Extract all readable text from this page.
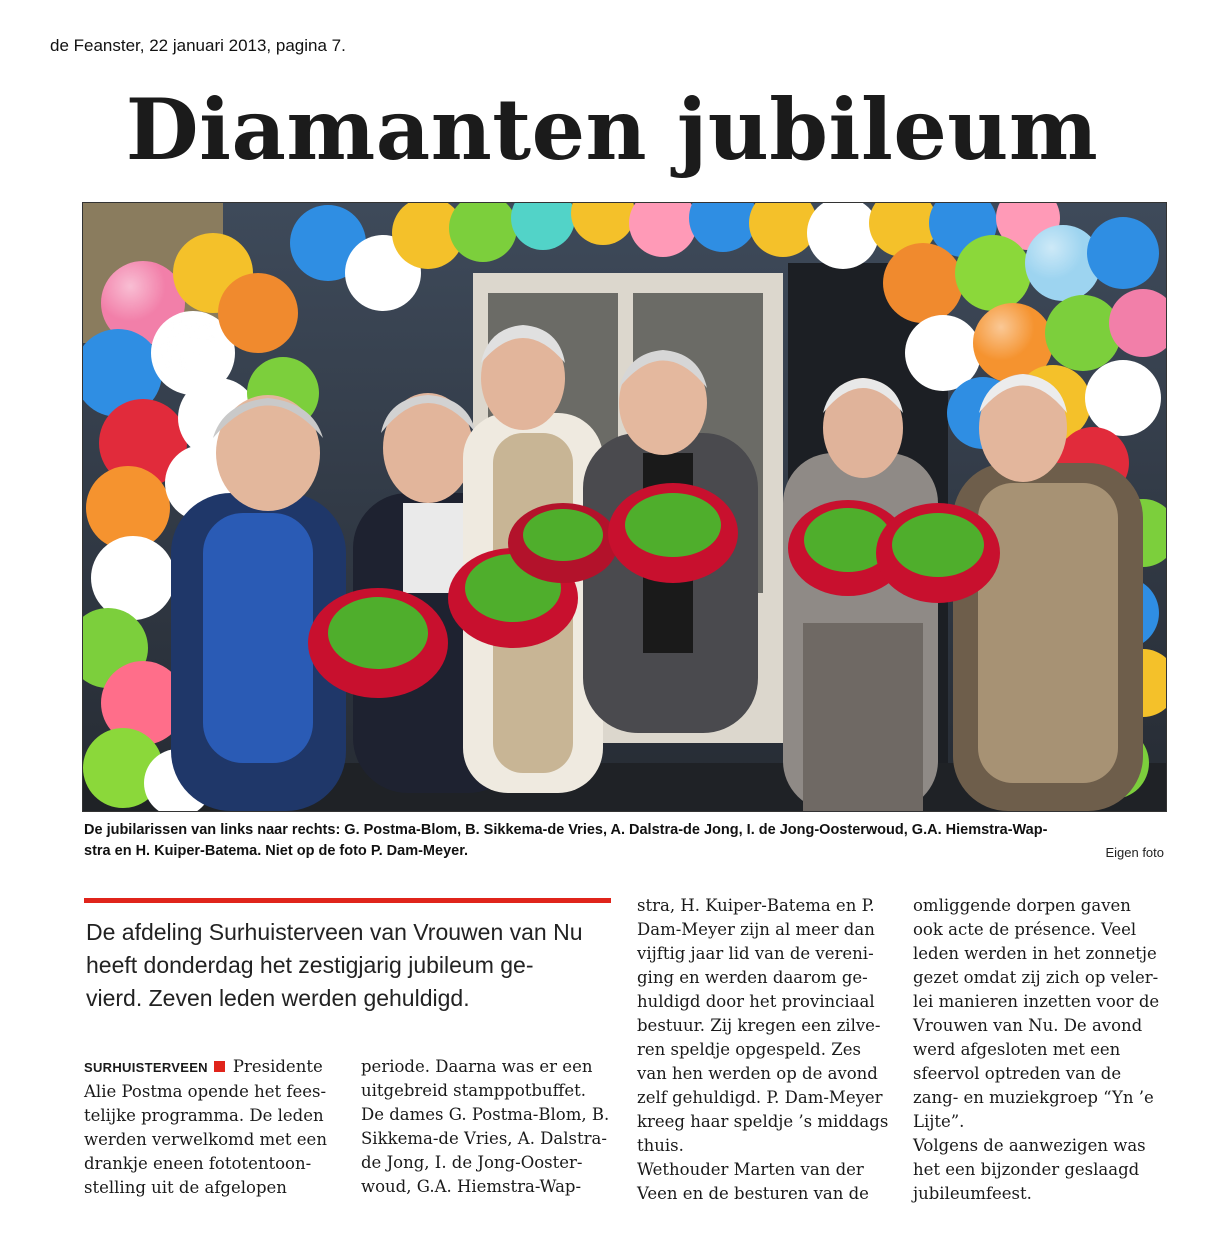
de Feanster, 22 januari 2013, pagina 7.
Diamanten jubileum
De jubilarissen van links naar rechts: G. Postma-Blom, B. Sikkema-de Vries, A. Dalstra-de Jong, I. de Jong-Oosterwoud, G.A. Hiemstra-Wap-
stra en H. Kuiper-Batema. Niet op de foto P. Dam-Meyer.	Eigen foto
De afdeling Surhuisterveen van Vrouwen van Nu heeft donderdag het zestigjarig jubileum ge-
vierd. Zeven leden werden gehuldigd.
SURHUISTERVEEN Presidente
Alie Postma opende het fees-
telijke programma. De leden
werden verwelkomd met een
drankje eneen fototentoon-
stelling uit de afgelopen
periode. Daarna was er een
uitgebreid stamppotbuffet.
De dames G. Postma-Blom, B.
Sikkema-de Vries, A. Dalstra-
de Jong, I. de Jong-Ooster-
woud, G.A. Hiemstra-Wap-
stra, H. Kuiper-Batema en P.
Dam-Meyer zijn al meer dan
vijftig jaar lid van de vereni-
ging en werden daarom ge-
huldigd door het provinciaal
bestuur. Zij kregen een zilve-
ren speldje opgespeld. Zes
van hen werden op de avond
zelf gehuldigd. P. Dam-Meyer
kreeg haar speldje ’s middags
thuis.
Wethouder Marten van der
Veen en de besturen van de
omliggende dorpen gaven
ook acte de présence. Veel
leden werden in het zonnetje
gezet omdat zij zich op veler-
lei manieren inzetten voor de
Vrouwen van Nu. De avond
werd afgesloten met een
sfeervol optreden van de
zang- en muziekgroep “Yn ’e
Lijte”.
Volgens de aanwezigen was
het een bijzonder geslaagd
jubileumfeest.
